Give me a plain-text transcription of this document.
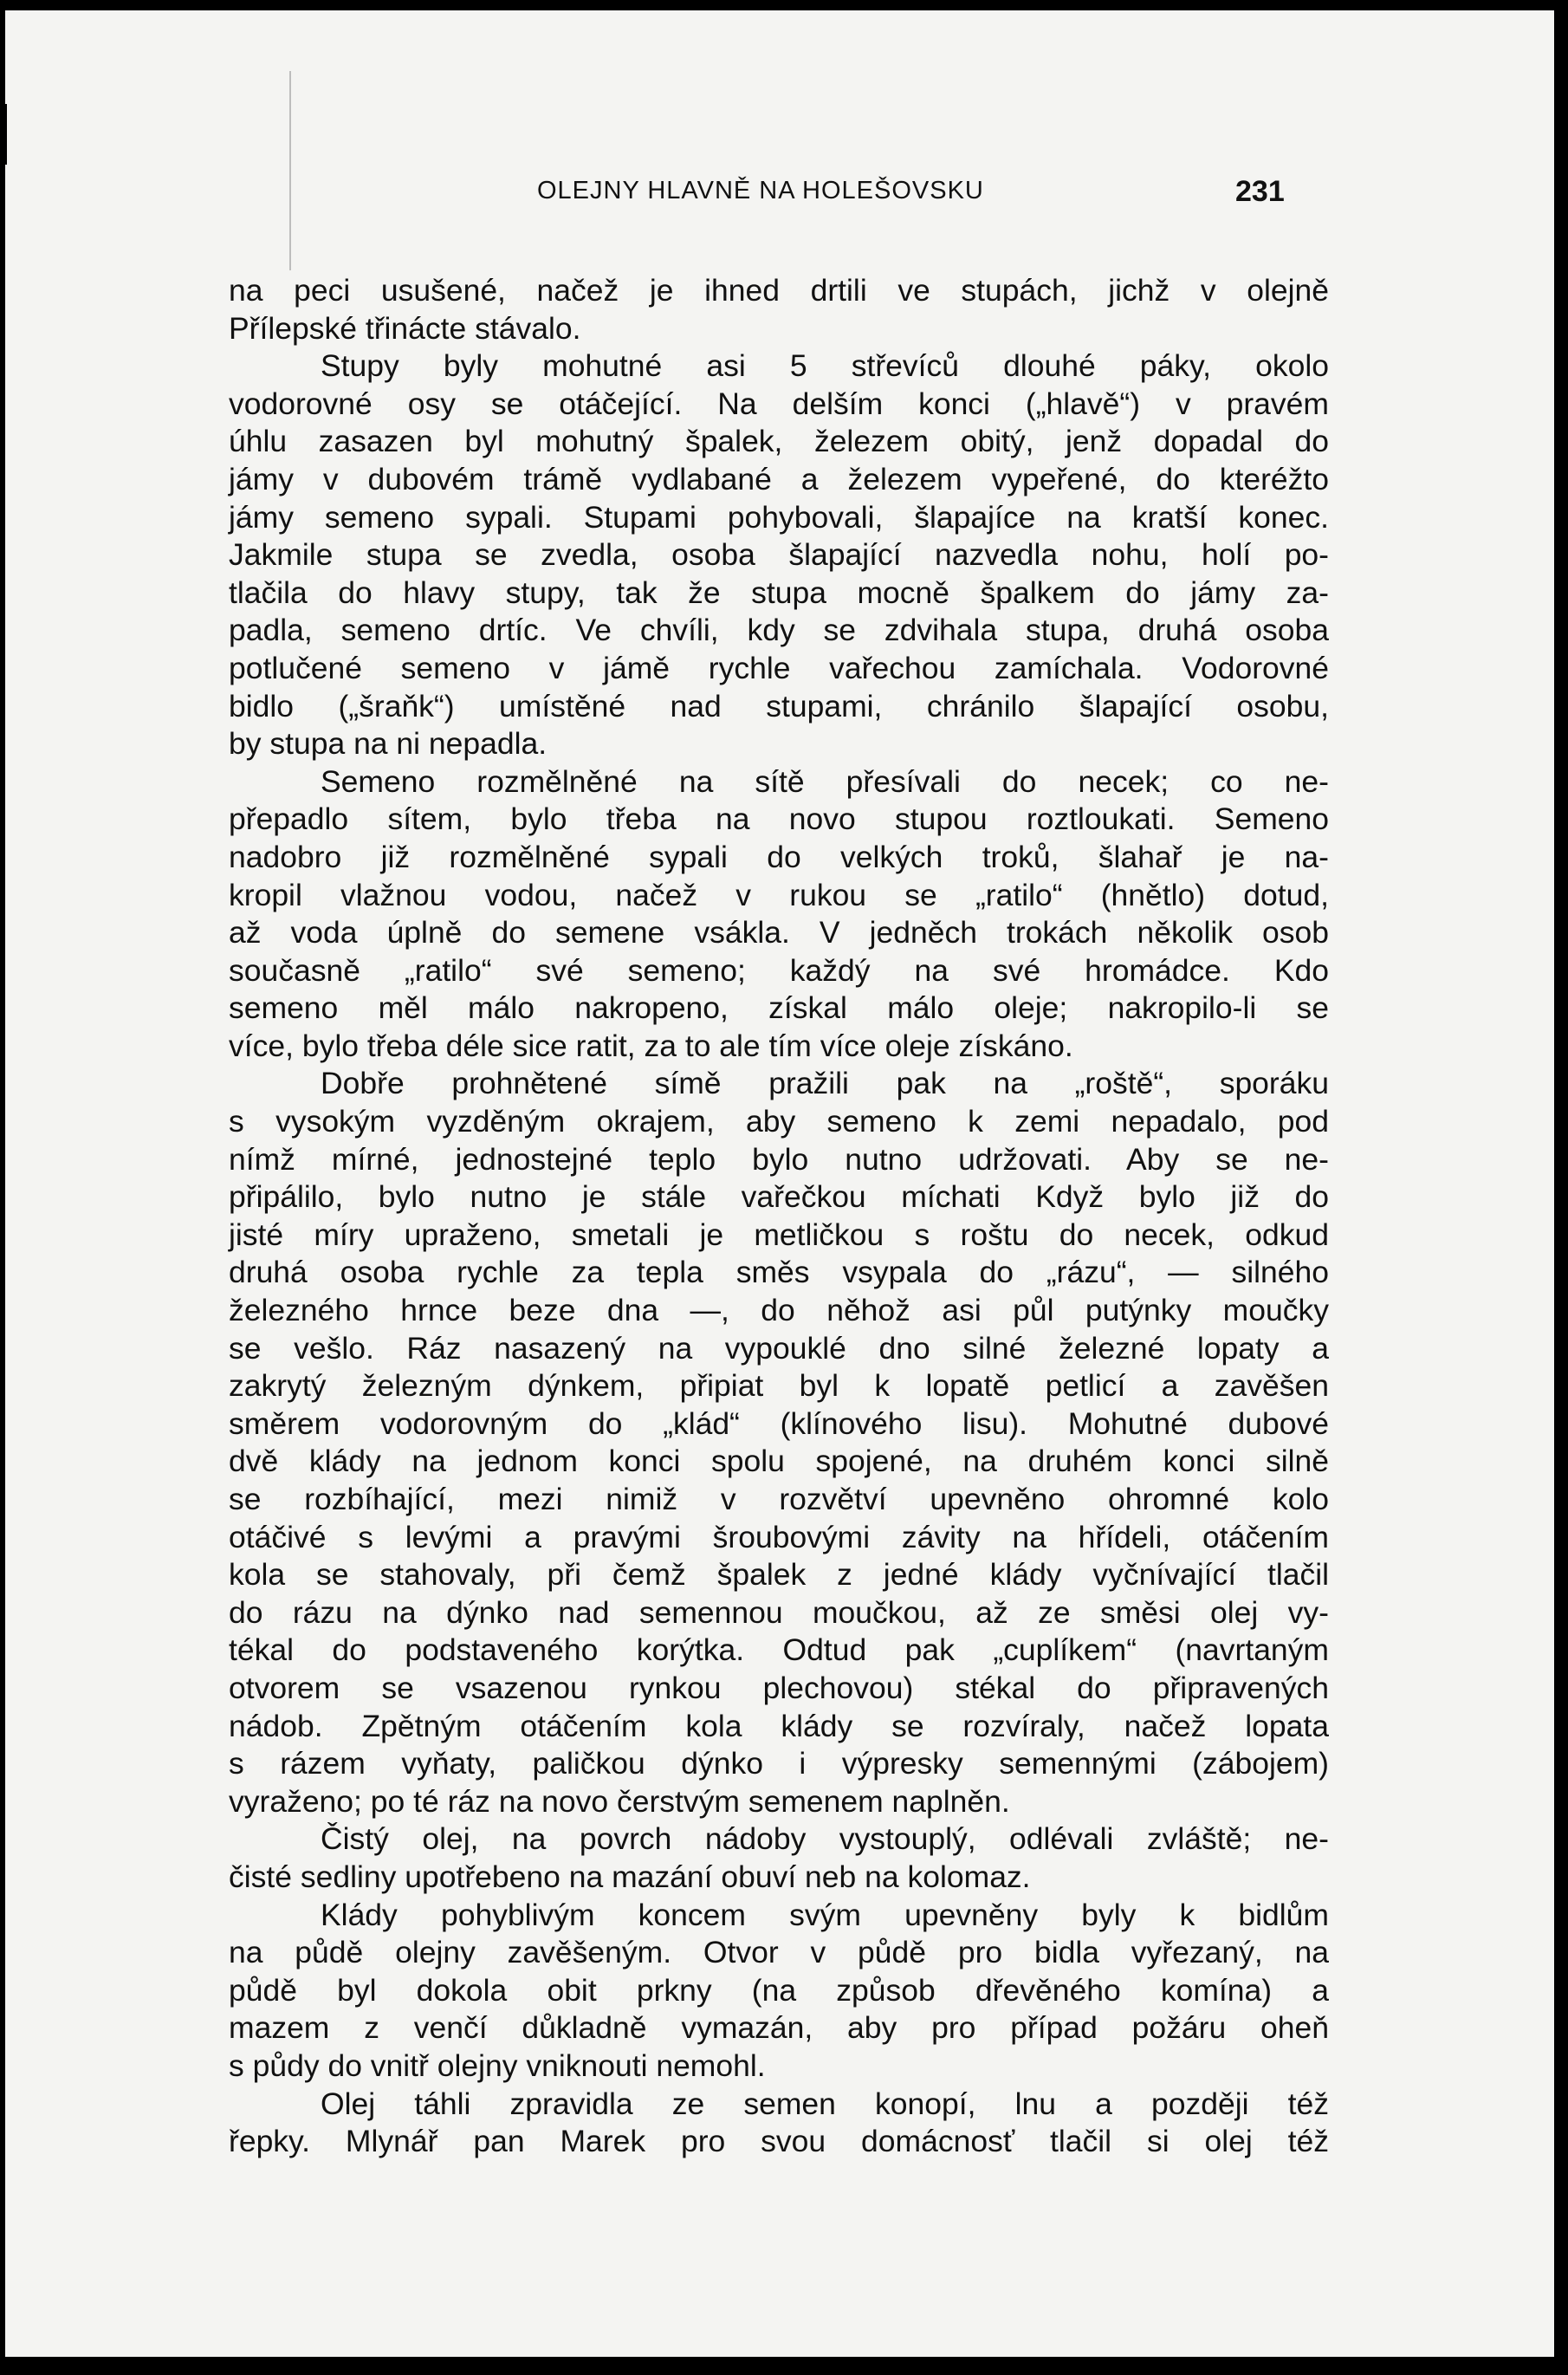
OLEJNY HLAVNĚ NA HOLEŠOVSKU	231
na peci usušené, načež je ihned drtili ve stupách, jichž v olejně
Přílepské třinácte stávalo.
Stupy byly mohutné asi 5 střevíců dlouhé páky, okolo
vodorovné osy se otáčející. Na delším konci („hlavě“) v pravém
úhlu zasazen byl mohutný špalek, železem obitý, jenž dopadal do
jámy v dubovém trámě vydlabané a železem vypeřené, do kteréžto
jámy semeno sypali. Stupami pohybovali, šlapajíce na kratší konec.
Jakmile stupa se zvedla, osoba šlapající nazvedla nohu, holí po-
tlačila do hlavy stupy, tak že stupa mocně špalkem do jámy za-
padla, semeno drtíc. Ve chvíli, kdy se zdvihala stupa, druhá osoba
potlučené semeno v jámě rychle vařechou zamíchala. Vodorovné
bidlo („šraňk“) umístěné nad stupami, chránilo šlapající osobu,
by stupa na ni nepadla.
Semeno rozmělněné na sítě přesívali do necek; co ne-
přepadlo sítem, bylo třeba na novo stupou roztloukati. Semeno
nadobro již rozmělněné sypali do velkých troků, šlahař je na-
kropil vlažnou vodou, načež v rukou se „ratilo“ (hnětlo) dotud,
až voda úplně do semene vsákla. V jedněch trokách několik osob
současně „ratilo“ své semeno; každý na své hromádce. Kdo
semeno měl málo nakropeno, získal málo oleje; nakropilo-li se
více, bylo třeba déle sice ratit, za to ale tím více oleje získáno.
Dobře prohnětené símě pražili pak na „roště“, sporáku
s vysokým vyzděným okrajem, aby semeno k zemi nepadalo, pod
nímž mírné, jednostejné teplo bylo nutno udržovati. Aby se ne-
připálilo, bylo nutno je stále vařečkou míchati Když bylo již do
jisté míry upraženo, smetali je metličkou s roštu do necek, odkud
druhá osoba rychle za tepla směs vsypala do „rázu“, — silného
železného hrnce beze dna —, do něhož asi půl putýnky moučky
se vešlo. Ráz nasazený na vypouklé dno silné železné lopaty a
zakrytý železným dýnkem, připiat byl k lopatě petlicí a zavěšen
směrem vodorovným do „klád“ (klínového lisu). Mohutné dubové
dvě klády na jednom konci spolu spojené, na druhém konci silně
se rozbíhající, mezi nimiž v rozvětví upevněno ohromné kolo
otáčivé s levými a pravými šroubovými závity na hřídeli, otáčením
kola se stahovaly, při čemž špalek z jedné klády vyčnívající tlačil
do rázu na dýnko nad semennou moučkou, až ze směsi olej vy-
tékal do podstaveného korýtka. Odtud pak „cuplíkem“ (navrtaným
otvorem se vsazenou rynkou plechovou) stékal do připravených
nádob. Zpětným otáčením kola klády se rozvíraly, načež lopata
s rázem vyňaty, paličkou dýnko i výpresky semennými (zábojem)
vyraženo; po té ráz na novo čerstvým semenem naplněn.
Čistý olej, na povrch nádoby vystouplý, odlévali zvláště; ne-
čisté sedliny upotřebeno na mazání obuví neb na kolomaz.
Klády pohyblivým koncem svým upevněny byly k bidlům
na půdě olejny zavěšeným. Otvor v půdě pro bidla vyřezaný, na
půdě byl dokola obit prkny (na způsob dřevěného komína) a
mazem z venčí důkladně vymazán, aby pro případ požáru oheň
s půdy do vnitř olejny vniknouti nemohl.
Olej táhli zpravidla ze semen konopí, lnu a později též
řepky. Mlynář pan Marek pro svou domácnosť tlačil si olej též
